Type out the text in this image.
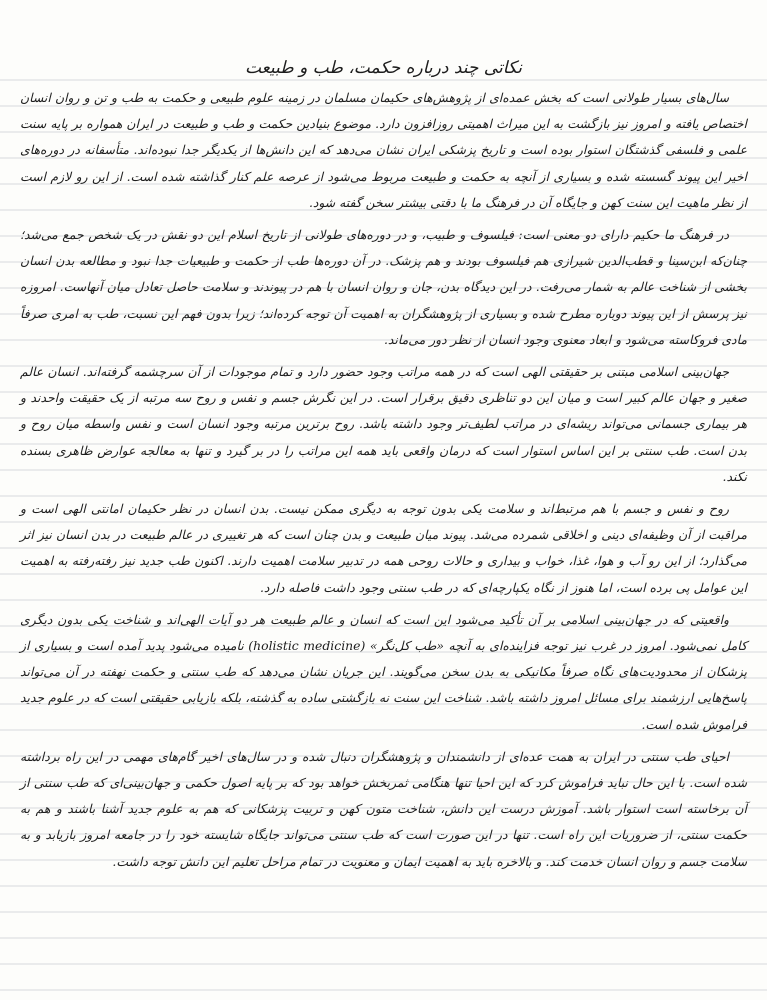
نکاتی چند درباره حکمت، طب و طبیعت

سال‌های بسیار طولانی است که بخش عمده‌ای از پژوهش‌های حکیمان مسلمان در زمینه علوم طبیعی و حکمت به طب و تن و روان انسان اختصاص یافته و امروز نیز بازگشت به این میراث اهمیتی روزافزون دارد. موضوع بنیادین حکمت و طب و طبیعت در ایران همواره بر پایه سنت علمی و فلسفی گذشتگان استوار بوده است و تاریخ پزشکی ایران نشان می‌دهد که این دانش‌ها از یکدیگر جدا نبوده‌اند. متأسفانه در دوره‌های اخیر این پیوند گسسته شده و بسیاری از آنچه به حکمت و طبیعت مربوط می‌شود از عرصه علم کنار گذاشته شده است. از این رو لازم است از نظر ماهیت این سنت کهن و جایگاه آن در فرهنگ ما با دقتی بیشتر سخن گفته شود.

در فرهنگ ما حکیم دارای دو معنی است: فیلسوف و طبیب، و در دوره‌های طولانی از تاریخ اسلام این دو نقش در یک شخص جمع می‌شد؛ چنان‌که ابن‌سینا و قطب‌الدین شیرازی هم فیلسوف بودند و هم پزشک. در آن دوره‌ها طب از حکمت و طبیعیات جدا نبود و مطالعه بدن انسان بخشی از شناخت عالم به شمار می‌رفت. در این دیدگاه بدن، جان و روان انسان با هم در پیوندند و سلامت حاصل تعادل میان آنهاست. امروزه نیز پرسش از این پیوند دوباره مطرح شده و بسیاری از پژوهشگران به اهمیت آن توجه کرده‌اند؛ زیرا بدون فهم این نسبت، طب به امری صرفاً مادی فروکاسته می‌شود و ابعاد معنوی وجود انسان از نظر دور می‌ماند.

جهان‌بینی اسلامی مبتنی بر حقیقتی الهی است که در همه مراتب وجود حضور دارد و تمام موجودات از آن سرچشمه گرفته‌اند. انسان عالم صغیر و جهان عالم کبیر است و میان این دو تناظری دقیق برقرار است. در این نگرش جسم و نفس و روح سه مرتبه از یک حقیقت واحدند و هر بیماری جسمانی می‌تواند ریشه‌ای در مراتب لطیف‌تر وجود داشته باشد. روح برترین مرتبه وجود انسان است و نفس واسطه میان روح و بدن است. طب سنتی بر این اساس استوار است که درمان واقعی باید همه این مراتب را در بر گیرد و تنها به معالجه عوارض ظاهری بسنده نکند.

روح و نفس و جسم با هم مرتبط‌اند و سلامت یکی بدون توجه به دیگری ممکن نیست. بدن انسان در نظر حکیمان امانتی الهی است و مراقبت از آن وظیفه‌ای دینی و اخلاقی شمرده می‌شد. پیوند میان طبیعت و بدن چنان است که هر تغییری در عالم طبیعت در بدن انسان نیز اثر می‌گذارد؛ از این رو آب و هوا، غذا، خواب و بیداری و حالات روحی همه در تدبیر سلامت اهمیت دارند. اکنون طب جدید نیز رفته‌رفته به اهمیت این عوامل پی برده است، اما هنوز از نگاه یکپارچه‌ای که در طب سنتی وجود داشت فاصله دارد.

واقعیتی که در جهان‌بینی اسلامی بر آن تأکید می‌شود این است که انسان و عالم طبیعت هر دو آیات الهی‌اند و شناخت یکی بدون دیگری کامل نمی‌شود. امروز در غرب نیز توجه فزاینده‌ای به آنچه «طب کل‌نگر» (holistic medicine) نامیده می‌شود پدید آمده است و بسیاری از پزشکان از محدودیت‌های نگاه صرفاً مکانیکی به بدن سخن می‌گویند. این جریان نشان می‌دهد که طب سنتی و حکمت نهفته در آن می‌تواند پاسخ‌هایی ارزشمند برای مسائل امروز داشته باشد. شناخت این سنت نه بازگشتی ساده به گذشته، بلکه بازیابی حقیقتی است که در علوم جدید فراموش شده است.

احیای طب سنتی در ایران به همت عده‌ای از دانشمندان و پژوهشگران دنبال شده و در سال‌های اخیر گام‌های مهمی در این راه برداشته شده است. با این حال نباید فراموش کرد که این احیا تنها هنگامی ثمربخش خواهد بود که بر پایه اصول حکمی و جهان‌بینی‌ای که طب سنتی از آن برخاسته است استوار باشد. آموزش درست این دانش، شناخت متون کهن و تربیت پزشکانی که هم به علوم جدید آشنا باشند و هم به حکمت سنتی، از ضروریات این راه است. تنها در این صورت است که طب سنتی می‌تواند جایگاه شایسته خود را در جامعه امروز بازیابد و به سلامت جسم و روان انسان خدمت کند. و بالاخره باید به اهمیت ایمان و معنویت در تمام مراحل تعلیم این دانش توجه داشت.
